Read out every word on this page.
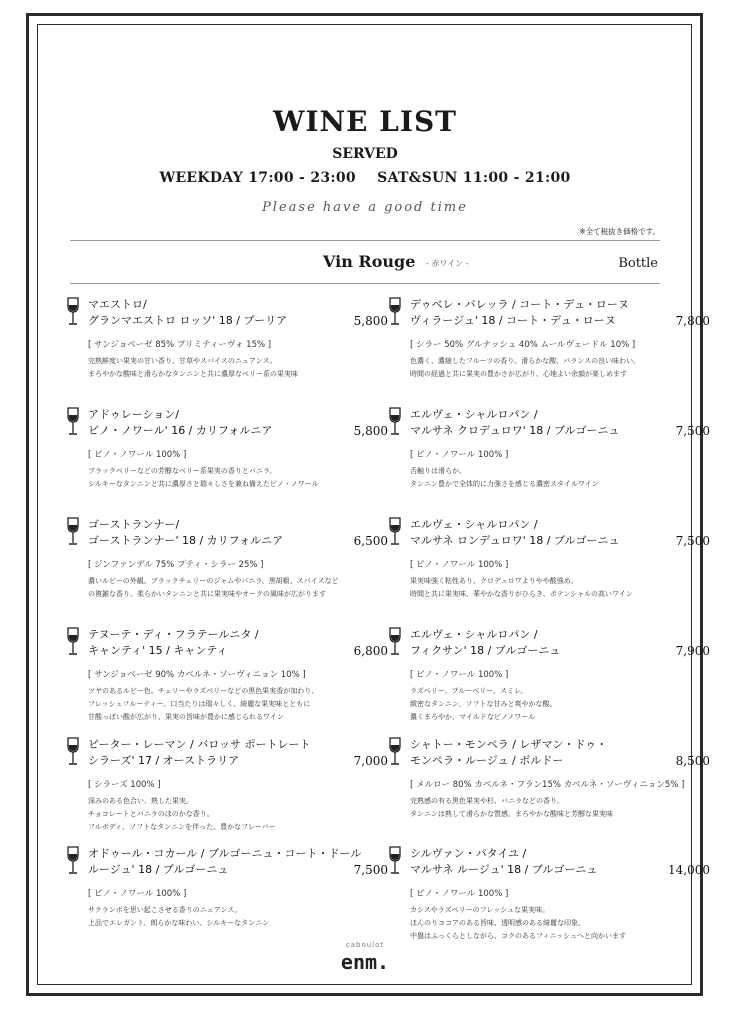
WINE LIST
SERVED
WEEKDAY 17:00 - 23:00 SAT&SUN 11:00 - 21:00
Please have a good time
※全て税抜き価格です。
Vin Rouge - 赤ワイン -	Bottle
マエストロ/
グランマエストロ ロッソ' 18 / プーリア	5,800
[ サンジョベーゼ 85% プリミティーヴォ 15% ]
完熟鮮度い果実の甘い香り、甘草やスパイスのニュアンス。
まろやかな酸味と滑らかなタンニンと共に濃厚なベリー系の果実味
アドゥレーション/
ピノ・ノワール' 16 / カリフォルニア	5,800
[ ピノ・ノワール 100% ]
ブラックベリーなどの芳醇なベリー系果実の香りとバニラ。
シルキーなタンニンと共に濃厚さと瑞々しさを兼ね備えたピノ・ノワール
ゴーストランナー/
ゴーストランナー' 18 / カリフォルニア	6,500
[ ジンファンデル 75% プティ・シラー 25% ]
濃いルビーの外観。ブラックチェリーのジャムやバニラ、黒胡椒、スパイスなど
の複雑な香り。柔らかいタンニンと共に果実味やオークの風味が広がります
テヌーテ・ディ・フラテールニタ /
キャンティ' 15 / キャンティ	6,800
[ サンジョベーゼ 90% カベルネ・ソーヴィニョン 10% ]
ツヤのあるルビー色。チェリーやラズベリーなどの黒色果実香が加わり、
フレッシュフルーティー。口当たりは瑞々しく、綺麗な果実味とともに
甘酸っぱい酸が広がり、果実の旨味が豊かに感じられるワイン
ピーター・レーマン / バロッサ ポートレート
シラーズ' 17 / オーストラリア	7,000
[ シラーズ 100% ]
深みのある色合い、熟した果実。
チョコレートとバニラのほのかな香り。
フルボディ、ソフトなタンニンを伴った、豊かなフレーバー
オドゥール・コカール / ブルゴーニュ・コート・ドール
ルージュ' 18 / ブルゴーニュ	7,500
[ ピノ・ノワール 100% ]
サクランボを思い起こさせる香りのニュアンス。
上品でエレガント、朗らかな味わい、シルキーなタンニン
デゥベレ・バレッラ / コート・デュ・ローヌ
ヴィラージュ' 18 / コート・デュ・ローヌ	7,800
[ シラー 50% グルナッシュ 40% ムールヴェードル 10% ]
色濃く、濃縮したフルーツの香り。滑らかな酸、バランスの良い味わい。
時間の経過と共に果実の豊かさが広がり、心地よい余韻が楽しめます
エルヴェ・シャルロパン /
マルサネ クロデュロワ' 18 / ブルゴーニュ	7,500
[ ピノ・ノワール 100% ]
舌触りは滑らか、
タンニン豊かで全体的に力強さを感じる濃密スタイルワイン
エルヴェ・シャルロパン /
マルサネ ロンデュロワ' 18 / ブルゴーニュ	7,500
[ ピノ・ノワール 100% ]
果実味強く粘性あり、クロデュロワよりやや酸強め。
時間と共に果実味、華やかな香りがひらき、ポテンシャルの高いワイン
エルヴェ・シャルロパン /
フィクサン' 18 / ブルゴーニュ	7,900
[ ピノ・ノワール 100% ]
ラズベリー、ブルーベリー、スミレ。
緻密なタンニン、ソフトな甘みと爽やかな酸。
濃くまろやか、マイルドなピノノワール
シャトー・モンペラ / レザマン・ドゥ・
モンペラ・ルージュ / ボルドー	8,500
[ メルロー 80% カベルネ・フラン15% カベルネ・ソーヴィニョン5% ]
完熟感の有る黒色果実や杉、バニラなどの香り。
タンニンは熟して滑らかな質感。まろやかな酸味と芳醇な果実味
シルヴァン・パタイユ /
マルサネ ルージュ' 18 / ブルゴーニュ	14,000
[ ピノ・ノワール 100% ]
カシスやラズベリーのフレッシュな果実味。
ほんのりココアのある旨味、透明感のある綺麗な印象。
中盤はふっくらとしながら、コクのあるフィニッシュへと向かいます
caboulot
enm.
